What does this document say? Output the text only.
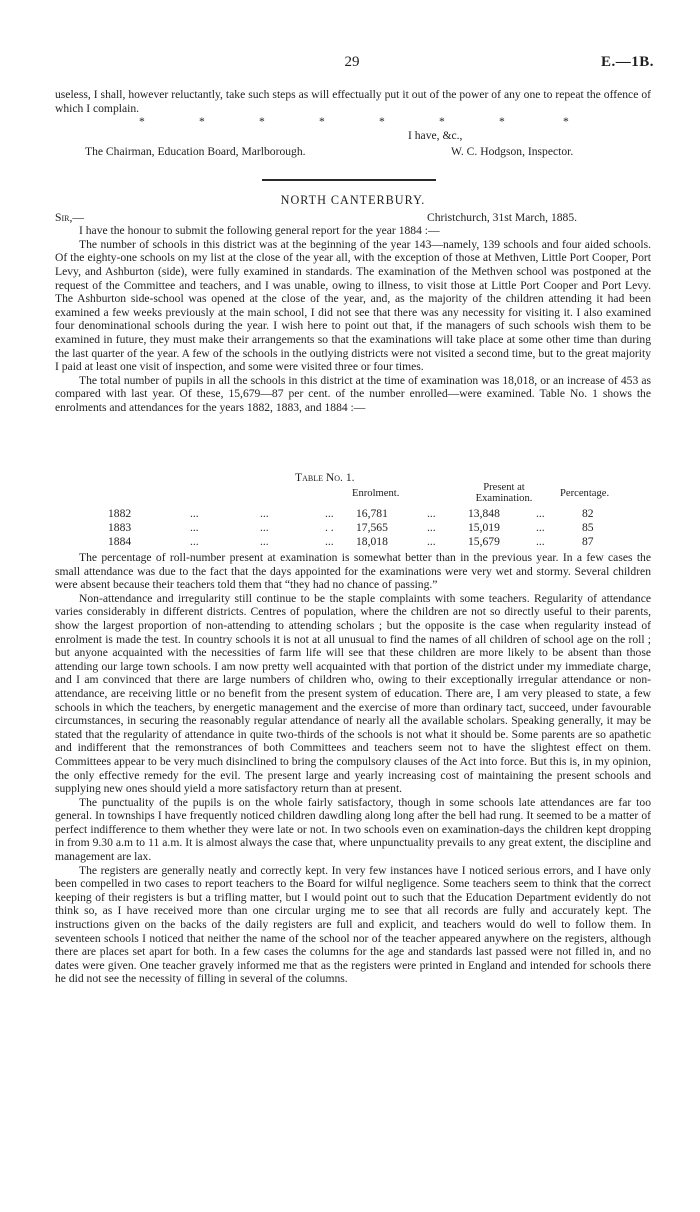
29	E.—1B.

useless, I shall, however reluctantly, take such steps as will effectually put it out of the power of any one to repeat the offence of which I complain.

*	*	*	*	*	*	*	*
I have, &c.,
The Chairman, Education Board, Marlborough.	W. C. Hodgson, Inspector.
NORTH CANTERBURY.
Sir,—	Christchurch, 31st March, 1885.

I have the honour to submit the following general report for the year 1884 :—

The number of schools in this district was at the beginning of the year 143—namely, 139 schools and four aided schools. Of the eighty-one schools on my list at the close of the year all, with the exception of those at Methven, Little Port Cooper, Port Levy, and Ashburton (side), were fully examined in standards. The examination of the Methven school was postponed at the request of the Committee and teachers, and I was unable, owing to illness, to visit those at Little Port Cooper and Port Levy. The Ashburton side-school was opened at the close of the year, and, as the majority of the children attending it had been examined a few weeks previously at the main school, I did not see that there was any necessity for visiting it. I also examined four denominational schools during the year. I wish here to point out that, if the managers of such schools wish them to be examined in future, they must make their arrangements so that the examinations will take place at some other time than during the last quarter of the year. A few of the schools in the outlying districts were not visited a second time, but to the great majority I paid at least one visit of inspection, and some were visited three or four times.

The total number of pupils in all the schools in this district at the time of examination was 18,018, or an increase of 453 as compared with last year. Of these, 15,679—87 per cent. of the number enrolled—were examined. Table No. 1 shows the enrolments and attendances for the years 1882, 1883, and 1884 :—

Table No. 1.
Enrolment.
Present at
Examination.	Percentage.
1882	...	...	... 16,781	...	13,848	...	82
1883	...	...	. . 17,565	...	15,019	...	85
1884	...	...	... 18,018	...	15,679	...	87

The percentage of roll-number present at examination is somewhat better than in the previous year. In a few cases the small attendance was due to the fact that the days appointed for the examinations were very wet and stormy. Several children were absent because their teachers told them that “they had no chance of passing.”

Non-attendance and irregularity still continue to be the staple complaints with some teachers. Regularity of attendance varies considerably in different districts. Centres of population, where the children are not so directly useful to their parents, show the largest proportion of non-attending to attending scholars ; but the opposite is the case when regularity instead of enrolment is made the test. In country schools it is not at all unusual to find the names of all children of school age on the roll ; but anyone acquainted with the necessities of farm life will see that these children are more likely to be absent than those attending our large town schools. I am now pretty well acquainted with that portion of the district under my immediate charge, and I am convinced that there are large numbers of children who, owing to their exceptionally irregular attendance or non-attendance, are receiving little or no benefit from the present system of education. There are, I am very pleased to state, a few schools in which the teachers, by energetic management and the exercise of more than ordinary tact, succeed, under favourable circumstances, in securing the reasonably regular attendance of nearly all the available scholars. Speaking generally, it may be stated that the regularity of attendance in quite two-thirds of the schools is not what it should be. Some parents are so apathetic and indifferent that the remonstrances of both Committees and teachers seem not to have the slightest effect on them. Committees appear to be very much disinclined to bring the compulsory clauses of the Act into force. But this is, in my opinion, the only effective remedy for the evil. The present large and yearly increasing cost of maintaining the present schools and supplying new ones should yield a more satisfactory return than at present.

The punctuality of the pupils is on the whole fairly satisfactory, though in some schools late attendances are far too general. In townships I have frequently noticed children dawdling along long after the bell had rung. It seemed to be a matter of perfect indifference to them whether they were late or not. In two schools even on examination-days the children kept dropping in from 9.30 a.m to 11 a.m. It is almost always the case that, where unpunctuality prevails to any great extent, the discipline and management are lax.

The registers are generally neatly and correctly kept. In very few instances have I noticed serious errors, and I have only been compelled in two cases to report teachers to the Board for wilful negligence. Some teachers seem to think that the correct keeping of their registers is but a trifling matter, but I would point out to such that the Education Department evidently do not think so, as I have received more than one circular urging me to see that all records are fully and accurately kept. The instructions given on the backs of the daily registers are full and explicit, and teachers would do well to follow them. In seventeen schools I noticed that neither the name of the school nor of the teacher appeared anywhere on the registers, although there are places set apart for both. In a few cases the columns for the age and standards last passed were not filled in, and no dates were given. One teacher gravely informed me that as the registers were printed in England and intended for schools there he did not see the necessity of filling in several of the columns.
